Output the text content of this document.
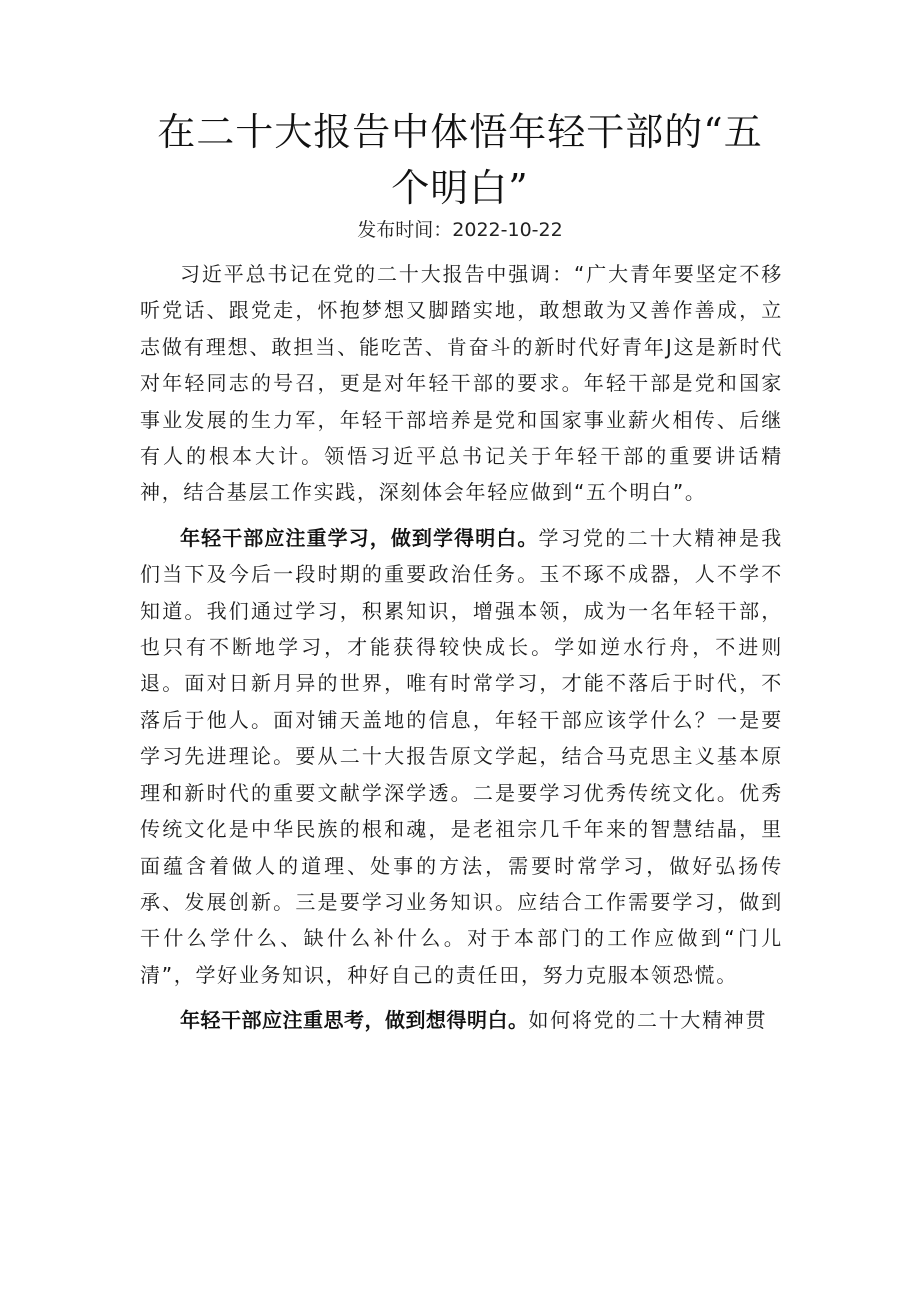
在二十大报告中体悟年轻干部的“五个明白”
发布时间：2022-10-22

习近平总书记在党的二十大报告中强调：“广大青年要坚定不移听党话、跟党走，怀抱梦想又脚踏实地，敢想敢为又善作善成，立志做有理想、敢担当、能吃苦、肯奋斗的新时代好青年J这是新时代对年轻同志的号召，更是对年轻干部的要求。年轻干部是党和国家事业发展的生力军，年轻干部培养是党和国家事业薪火相传、后继有人的根本大计。领悟习近平总书记关于年轻干部的重要讲话精神，结合基层工作实践，深刻体会年轻应做到“五个明白”。

年轻干部应注重学习，做到学得明白。学习党的二十大精神是我们当下及今后一段时期的重要政治任务。玉不琢不成器，人不学不知道。我们通过学习，积累知识，增强本领，成为一名年轻干部，也只有不断地学习，才能获得较快成长。学如逆水行舟，不进则退。面对日新月异的世界，唯有时常学习，才能不落后于时代，不落后于他人。面对铺天盖地的信息，年轻干部应该学什么？一是要学习先进理论。要从二十大报告原文学起，结合马克思主义基本原理和新时代的重要文献学深学透。二是要学习优秀传统文化。优秀传统文化是中华民族的根和魂，是老祖宗几千年来的智慧结晶，里面蕴含着做人的道理、处事的方法，需要时常学习，做好弘扬传承、发展创新。三是要学习业务知识。应结合工作需要学习，做到干什么学什么、缺什么补什么。对于本部门的工作应做到“门儿清”，学好业务知识，种好自己的责任田，努力克服本领恐慌。

年轻干部应注重思考，做到想得明白。如何将党的二十大精神贯
